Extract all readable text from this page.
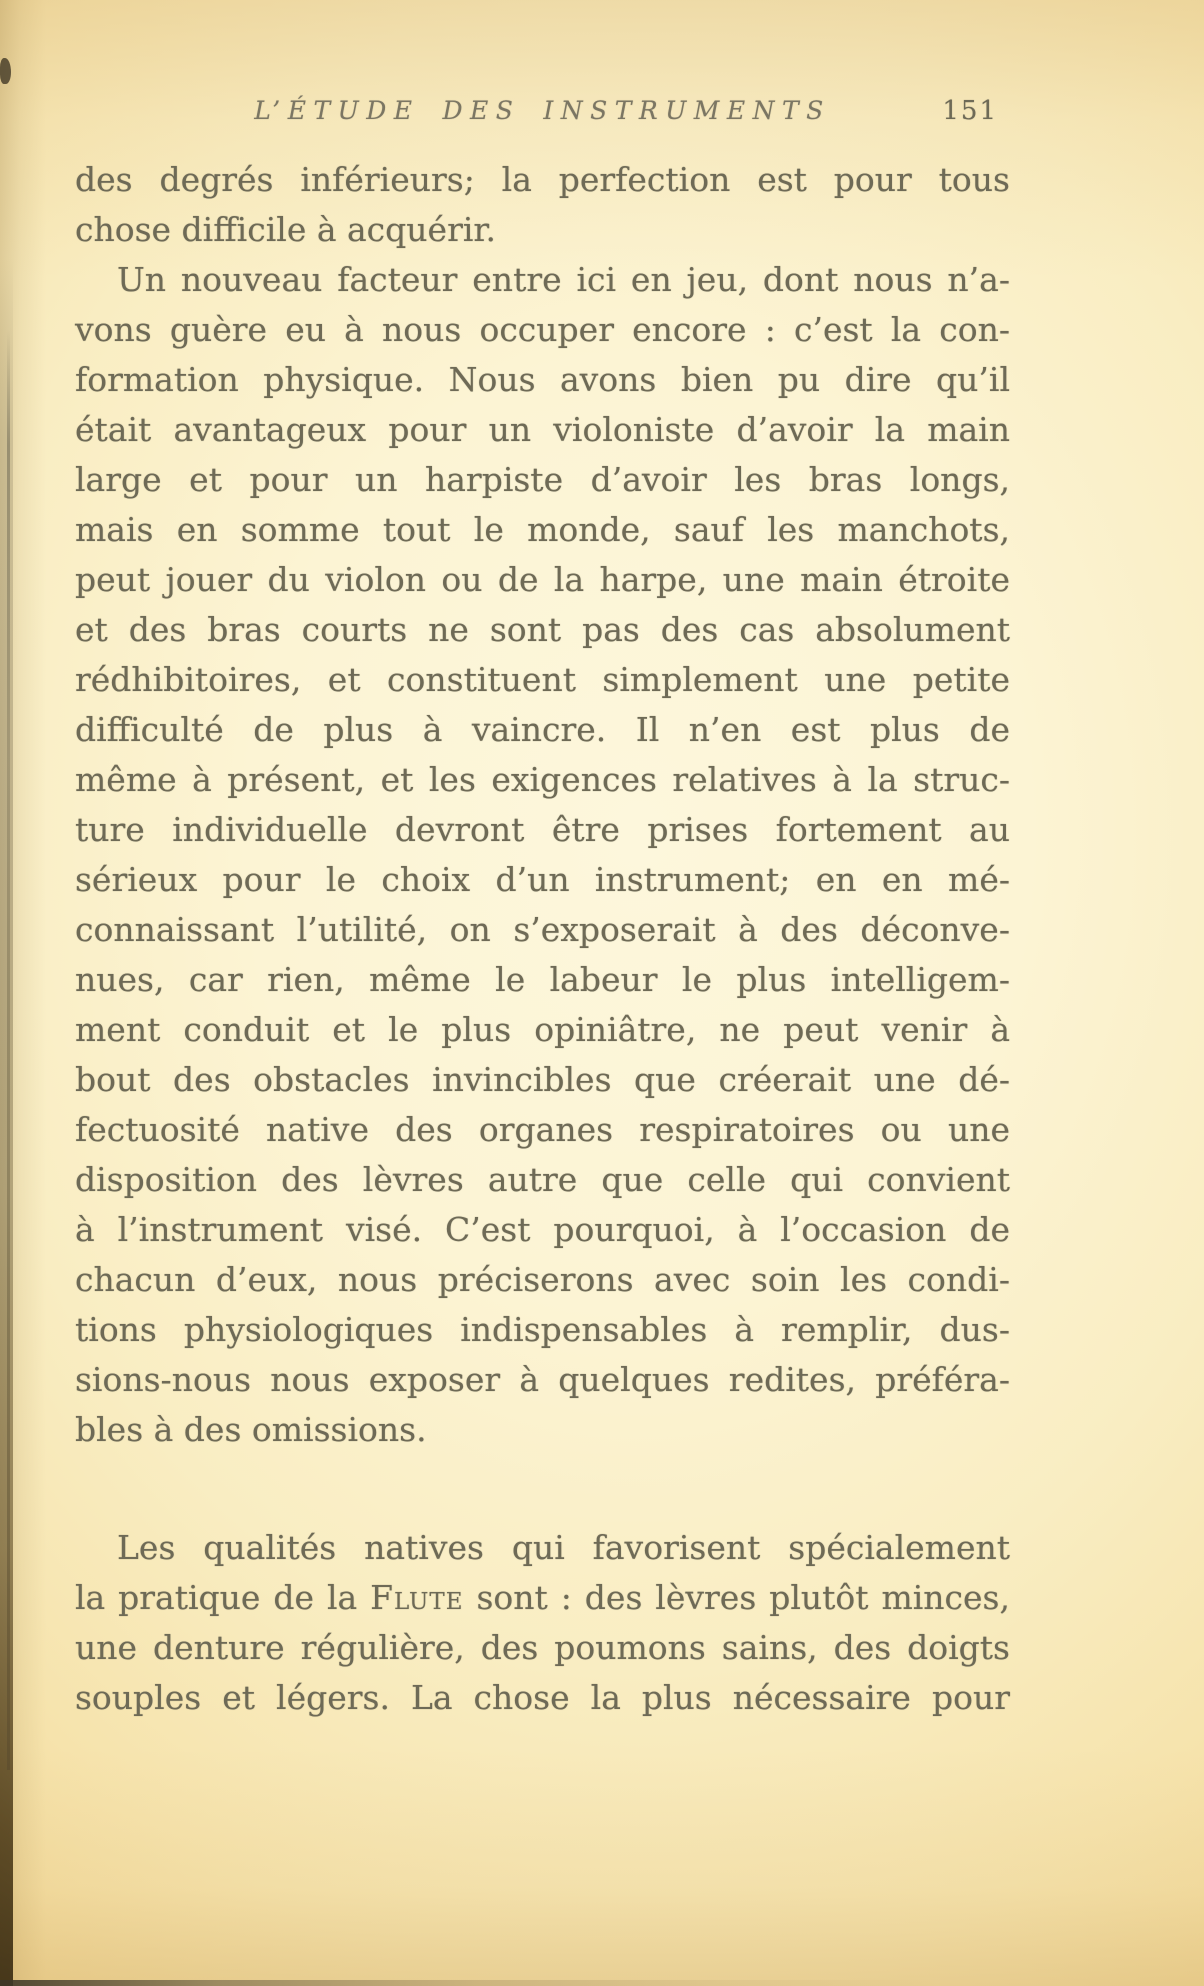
L’ÉTUDE DES INSTRUMENTS	151
des degrés inférieurs; la perfection est pour tous
chose difficile à acquérir.
Un nouveau facteur entre ici en jeu, dont nous n’a-
vons guère eu à nous occuper encore : c’est la con-
formation physique. Nous avons bien pu dire qu’il
était avantageux pour un violoniste d’avoir la main
large et pour un harpiste d’avoir les bras longs,
mais en somme tout le monde, sauf les manchots,
peut jouer du violon ou de la harpe, une main étroite
et des bras courts ne sont pas des cas absolument
rédhibitoires, et constituent simplement une petite
difficulté de plus à vaincre. Il n’en est plus de
même à présent, et les exigences relatives à la struc-
ture individuelle devront être prises fortement au
sérieux pour le choix d’un instrument; en en mé-
connaissant l’utilité, on s’exposerait à des déconve-
nues, car rien, même le labeur le plus intelligem-
ment conduit et le plus opiniâtre, ne peut venir à
bout des obstacles invincibles que créerait une dé-
fectuosité native des organes respiratoires ou une
disposition des lèvres autre que celle qui convient
à l’instrument visé. C’est pourquoi, à l’occasion de
chacun d’eux, nous préciserons avec soin les condi-
tions physiologiques indispensables à remplir, dus-
sions-nous nous exposer à quelques redites, préféra-
bles à des omissions.
Les qualités natives qui favorisent spécialement
la pratique de la Flute sont : des lèvres plutôt minces,
une denture régulière, des poumons sains, des doigts
souples et légers. La chose la plus nécessaire pour
